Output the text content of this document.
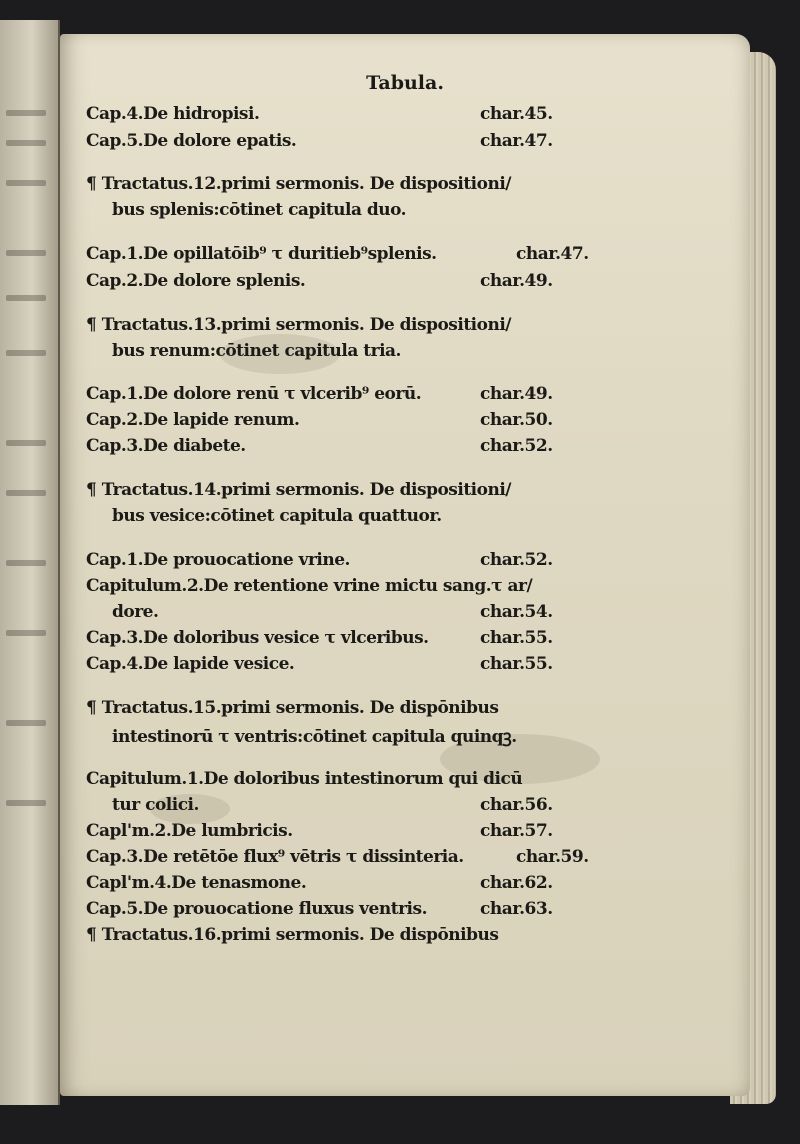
Tabula.
Cap.4.De hidropisi.	char.45.
Cap.5.De dolore epatis.	char.47.
¶ Tractatus.12.primi sermonis. De dispositioni/
bus splenis:cōtinet capitula duo.
Cap.1.De opillatōib⁹ τ duritieb⁹splenis.	char.47.
Cap.2.De dolore splenis.	char.49.
¶ Tractatus.13.primi sermonis. De dispositioni/
bus renum:cōtinet capitula tria.
Cap.1.De dolore renū τ vlcerib⁹ eorū.	char.49.
Cap.2.De lapide renum.	char.50.
Cap.3.De diabete.	char.52.
¶ Tractatus.14.primi sermonis. De dispositioni/
bus vesice:cōtinet capitula quattuor.
Cap.1.De prouocatione vrine.	char.52.
Capitulum.2.De retentione vrine mictu sang.τ ar/
dore.	char.54.
Cap.3.De doloribus vesice τ vlceribus.	char.55.
Cap.4.De lapide vesice.	char.55.
¶ Tractatus.15.primi sermonis. De dispōnibus
intestinorū τ ventris:cōtinet capitula quinqꝫ.
Capitulum.1.De doloribus intestinorum qui dicū
tur colici.	char.56.
Capl'm.2.De lumbricis.	char.57.
Cap.3.De retētōe flux⁹ vētris τ dissinteria.	char.59.
Capl'm.4.De tenasmone.	char.62.
Cap.5.De prouocatione fluxus ventris.	char.63.
¶ Tractatus.16.primi sermonis. De dispōnibus
